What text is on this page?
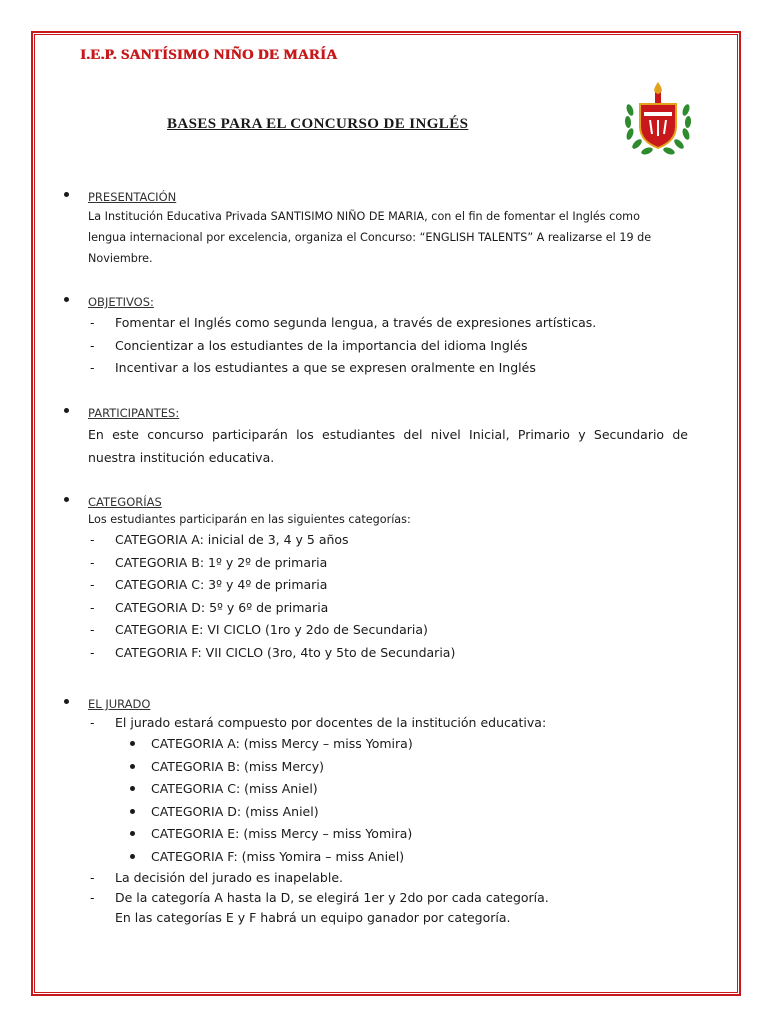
I.E.P. SANTÍSIMO NIÑO DE MARÍA
BASES PARA EL CONCURSO DE INGLÉS
PRESENTACIÓN
La Institución Educativa Privada SANTISIMO NIÑO DE MARIA, con el fin de fomentar el Inglés como
lengua internacional por excelencia, organiza el Concurso: “ENGLISH TALENTS” A realizarse el 19 de
Noviembre.
OBJETIVOS:
- Fomentar el Inglés como segunda lengua, a través de expresiones artísticas.
- Concientizar a los estudiantes de la importancia del idioma Inglés
- Incentivar a los estudiantes a que se expresen oralmente en Inglés
PARTICIPANTES:
En este concurso participarán los estudiantes del nivel Inicial, Primario y Secundario de
nuestra institución educativa.
CATEGORÍAS
Los estudiantes participarán en las siguientes categorías:
- CATEGORIA A: inicial de 3, 4 y 5 años
- CATEGORIA B: 1º y 2º de primaria
- CATEGORIA C: 3º y 4º de primaria
- CATEGORIA D: 5º y 6º de primaria
- CATEGORIA E: VI CICLO (1ro y 2do de Secundaria)
- CATEGORIA F: VII CICLO (3ro, 4to y 5to de Secundaria)
EL JURADO
- El jurado estará compuesto por docentes de la institución educativa:
CATEGORIA A: (miss Mercy – miss Yomira)
CATEGORIA B: (miss Mercy)
CATEGORIA C: (miss Aniel)
CATEGORIA D: (miss Aniel)
CATEGORIA E: (miss Mercy – miss Yomira)
CATEGORIA F: (miss Yomira – miss Aniel)
- La decisión del jurado es inapelable.
- De la categoría A hasta la D, se elegirá 1er y 2do por cada categoría.
En las categorías E y F habrá un equipo ganador por categoría.
